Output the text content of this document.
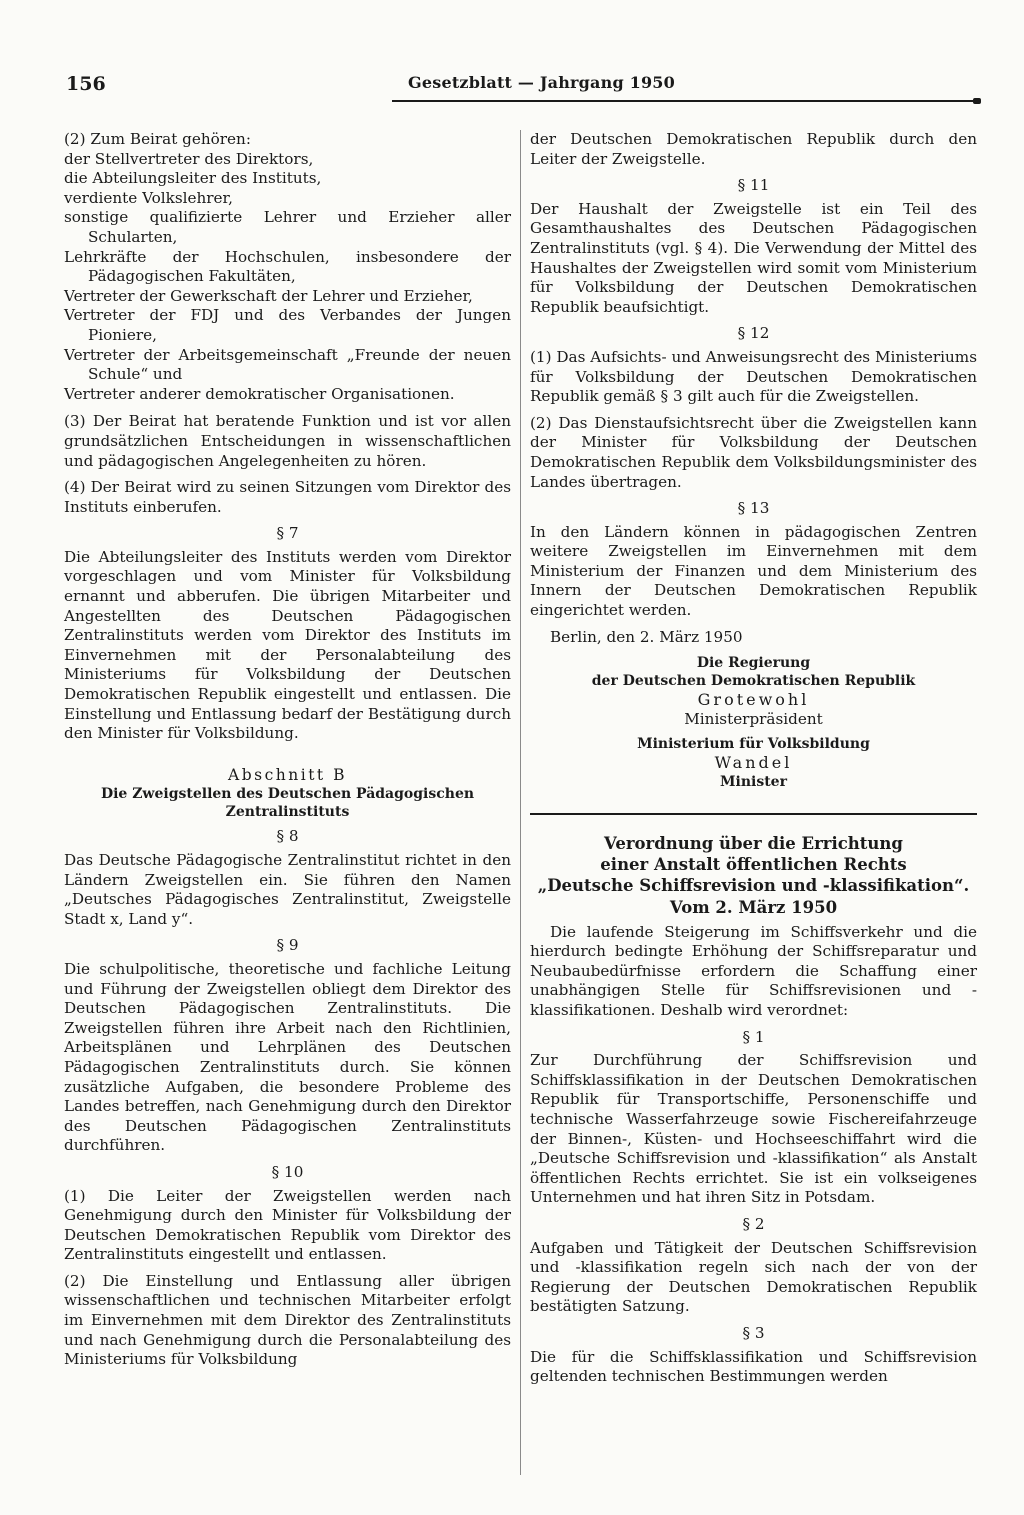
156	Gesetzblatt — Jahrgang 1950
(2) Zum Beirat gehören:
der Stellvertreter des Direktors,
die Abteilungsleiter des Instituts,
verdiente Volkslehrer,
sonstige qualifizierte Lehrer und Erzieher aller Schularten,
Lehrkräfte der Hochschulen, insbesondere der Pädagogischen Fakultäten,
Vertreter der Gewerkschaft der Lehrer und Erzieher,
Vertreter der FDJ und des Verbandes der Jungen Pioniere,
Vertreter der Arbeitsgemeinschaft „Freunde der neuen Schule“ und
Vertreter anderer demokratischer Organisationen.

(3) Der Beirat hat beratende Funktion und ist vor allen grundsätzlichen Entscheidungen in wissenschaftlichen und pädagogischen Angelegenheiten zu hören.

(4) Der Beirat wird zu seinen Sitzungen vom Direktor des Instituts einberufen.

§ 7

Die Abteilungsleiter des Instituts werden vom Direktor vorgeschlagen und vom Minister für Volksbildung ernannt und abberufen. Die übrigen Mitarbeiter und Angestellten des Deutschen Pädagogischen Zentralinstituts werden vom Direktor des Instituts im Einvernehmen mit der Personalabteilung des Ministeriums für Volksbildung der Deutschen Demokratischen Republik eingestellt und entlassen. Die Einstellung und Entlassung bedarf der Bestätigung durch den Minister für Volksbildung.

Abschnitt B
Die Zweigstellen des Deutschen Pädagogischen Zentralinstituts
§ 8

Das Deutsche Pädagogische Zentralinstitut richtet in den Ländern Zweigstellen ein. Sie führen den Namen „Deutsches Pädagogisches Zentralinstitut, Zweigstelle Stadt x, Land y“.

§ 9

Die schulpolitische, theoretische und fachliche Leitung und Führung der Zweigstellen obliegt dem Direktor des Deutschen Pädagogischen Zentralinstituts. Die Zweigstellen führen ihre Arbeit nach den Richtlinien, Arbeitsplänen und Lehrplänen des Deutschen Pädagogischen Zentralinstituts durch. Sie können zusätzliche Aufgaben, die besondere Probleme des Landes betreffen, nach Genehmigung durch den Direktor des Deutschen Pädagogischen Zentralinstituts durchführen.

§ 10

(1) Die Leiter der Zweigstellen werden nach Genehmigung durch den Minister für Volksbildung der Deutschen Demokratischen Republik vom Direktor des Zentralinstituts eingestellt und entlassen.

(2) Die Einstellung und Entlassung aller übrigen wissenschaftlichen und technischen Mitarbeiter erfolgt im Einvernehmen mit dem Direktor des Zentralinstituts und nach Genehmigung durch die Personalabteilung des Ministeriums für Volksbildung

der Deutschen Demokratischen Republik durch den Leiter der Zweigstelle.

§ 11

Der Haushalt der Zweigstelle ist ein Teil des Gesamthaushaltes des Deutschen Pädagogischen Zentralinstituts (vgl. § 4). Die Verwendung der Mittel des Haushaltes der Zweigstellen wird somit vom Ministerium für Volksbildung der Deutschen Demokratischen Republik beaufsichtigt.

§ 12

(1) Das Aufsichts- und Anweisungsrecht des Ministeriums für Volksbildung der Deutschen Demokratischen Republik gemäß § 3 gilt auch für die Zweigstellen.

(2) Das Dienstaufsichtsrecht über die Zweigstellen kann der Minister für Volksbildung der Deutschen Demokratischen Republik dem Volksbildungsminister des Landes übertragen.

§ 13

In den Ländern können in pädagogischen Zentren weitere Zweigstellen im Einvernehmen mit dem Ministerium der Finanzen und dem Ministerium des Innern der Deutschen Demokratischen Republik eingerichtet werden.

Berlin, den 2. März 1950

Die Regierung
der Deutschen Demokratischen Republik
Grotewohl
Ministerpräsident
Ministerium für Volksbildung
Wandel
Minister
Verordnung über die Errichtung
einer Anstalt öffentlichen Rechts
„Deutsche Schiffsrevision und -klassifikation“.
Vom 2. März 1950

Die laufende Steigerung im Schiffsverkehr und die hierdurch bedingte Erhöhung der Schiffsreparatur und Neubaubedürfnisse erfordern die Schaffung einer unabhängigen Stelle für Schiffsrevisionen und -klassifikationen. Deshalb wird verordnet:

§ 1

Zur Durchführung der Schiffsrevision und Schiffsklassifikation in der Deutschen Demokratischen Republik für Transportschiffe, Personenschiffe und technische Wasserfahrzeuge sowie Fischereifahrzeuge der Binnen-, Küsten- und Hochseeschiffahrt wird die „Deutsche Schiffsrevision und -klassifikation“ als Anstalt öffentlichen Rechts errichtet. Sie ist ein volkseigenes Unternehmen und hat ihren Sitz in Potsdam.

§ 2

Aufgaben und Tätigkeit der Deutschen Schiffsrevision und -klassifikation regeln sich nach der von der Regierung der Deutschen Demokratischen Republik bestätigten Satzung.

§ 3

Die für die Schiffsklassifikation und Schiffsrevision geltenden technischen Bestimmungen werden
